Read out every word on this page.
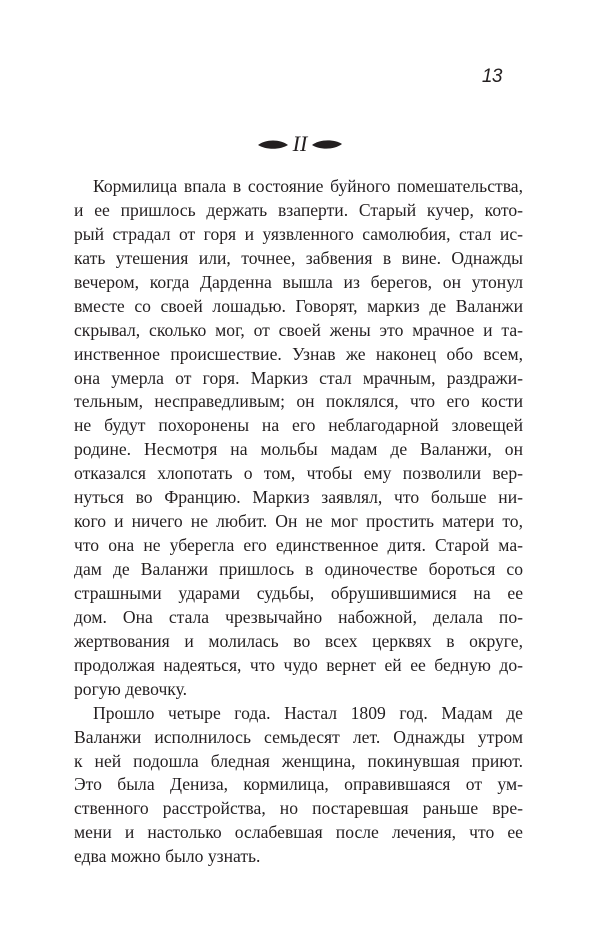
13
II
Кормилица впала в состояние буйного помешательства,
и ее пришлось держать взаперти. Старый кучер, кото-
рый страдал от горя и уязвленного самолюбия, стал ис-
кать утешения или, точнее, забвения в вине. Однажды
вечером, когда Дарденна вышла из берегов, он утонул
вместе со своей лошадью. Говорят, маркиз де Валанжи
скрывал, сколько мог, от своей жены это мрачное и та-
инственное происшествие. Узнав же наконец обо всем,
она умерла от горя. Маркиз стал мрачным, раздражи-
тельным, несправедливым; он поклялся, что его кости
не будут похоронены на его неблагодарной зловещей
родине. Несмотря на мольбы мадам де Валанжи, он
отказался хлопотать о том, чтобы ему позволили вер-
нуться во Францию. Маркиз заявлял, что больше ни-
кого и ничего не любит. Он не мог простить матери то,
что она не уберегла его единственное дитя. Старой ма-
дам де Валанжи пришлось в одиночестве бороться со
страшными ударами судьбы, обрушившимися на ее
дом. Она стала чрезвычайно набожной, делала по-
жертвования и молилась во всех церквях в округе,
продолжая надеяться, что чудо вернет ей ее бедную до-
рогую девочку.
Прошло четыре года. Настал 1809 год. Мадам де
Валанжи исполнилось семьдесят лет. Однажды утром
к ней подошла бледная женщина, покинувшая приют.
Это была Дениза, кормилица, оправившаяся от ум-
ственного расстройства, но постаревшая раньше вре-
мени и настолько ослабевшая после лечения, что ее
едва можно было узнать.
